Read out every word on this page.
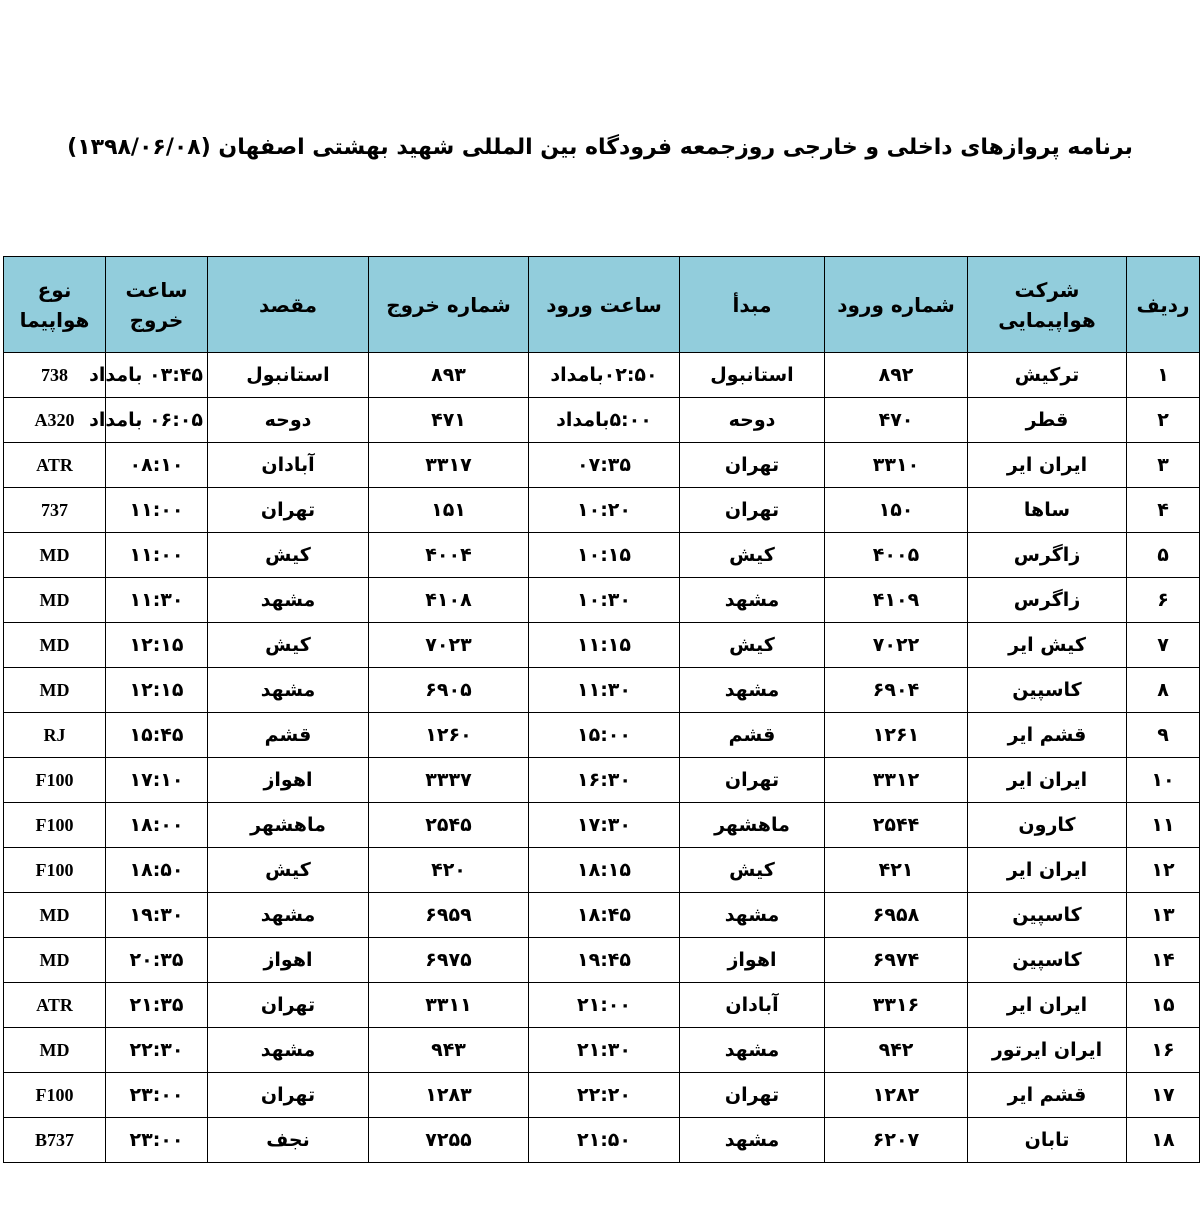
برنامه پروازهای داخلی و خارجی روزجمعه فرودگاه بین المللی شهید بهشتی اصفهان (۱۳۹۸/۰۶/۰۸)
ردیف	شرکت هواپیمایی	شماره ورود	مبدأ	ساعت ورود	شماره خروج	مقصد	ساعت خروج	نوع هواپیما
۱	ترکیش	۸۹۲	استانبول	۰۲:۵۰بامداد	۸۹۳	استانبول	۰۳:۴۵ بامداد	738
۲	قطر	۴۷۰	دوحه	۵:۰۰بامداد	۴۷۱	دوحه	۰۶:۰۵ بامداد	A320
۳	ایران ایر	۳۳۱۰	تهران	۰۷:۳۵	۳۳۱۷	آبادان	۰۸:۱۰	ATR
۴	ساها	۱۵۰	تهران	۱۰:۲۰	۱۵۱	تهران	۱۱:۰۰	737
۵	زاگرس	۴۰۰۵	کیش	۱۰:۱۵	۴۰۰۴	کیش	۱۱:۰۰	MD
۶	زاگرس	۴۱۰۹	مشهد	۱۰:۳۰	۴۱۰۸	مشهد	۱۱:۳۰	MD
۷	کیش ایر	۷۰۲۲	کیش	۱۱:۱۵	۷۰۲۳	کیش	۱۲:۱۵	MD
۸	کاسپین	۶۹۰۴	مشهد	۱۱:۳۰	۶۹۰۵	مشهد	۱۲:۱۵	MD
۹	قشم ایر	۱۲۶۱	قشم	۱۵:۰۰	۱۲۶۰	قشم	۱۵:۴۵	RJ
۱۰	ایران ایر	۳۳۱۲	تهران	۱۶:۳۰	۳۳۳۷	اهواز	۱۷:۱۰	F100
۱۱	کارون	۲۵۴۴	ماهشهر	۱۷:۳۰	۲۵۴۵	ماهشهر	۱۸:۰۰	F100
۱۲	ایران ایر	۴۲۱	کیش	۱۸:۱۵	۴۲۰	کیش	۱۸:۵۰	F100
۱۳	کاسپین	۶۹۵۸	مشهد	۱۸:۴۵	۶۹۵۹	مشهد	۱۹:۳۰	MD
۱۴	کاسپین	۶۹۷۴	اهواز	۱۹:۴۵	۶۹۷۵	اهواز	۲۰:۳۵	MD
۱۵	ایران ایر	۳۳۱۶	آبادان	۲۱:۰۰	۳۳۱۱	تهران	۲۱:۳۵	ATR
۱۶	ایران ایرتور	۹۴۲	مشهد	۲۱:۳۰	۹۴۳	مشهد	۲۲:۳۰	MD
۱۷	قشم ایر	۱۲۸۲	تهران	۲۲:۲۰	۱۲۸۳	تهران	۲۳:۰۰	F100
۱۸	تابان	۶۲۰۷	مشهد	۲۱:۵۰	۷۲۵۵	نجف	۲۳:۰۰	B737
